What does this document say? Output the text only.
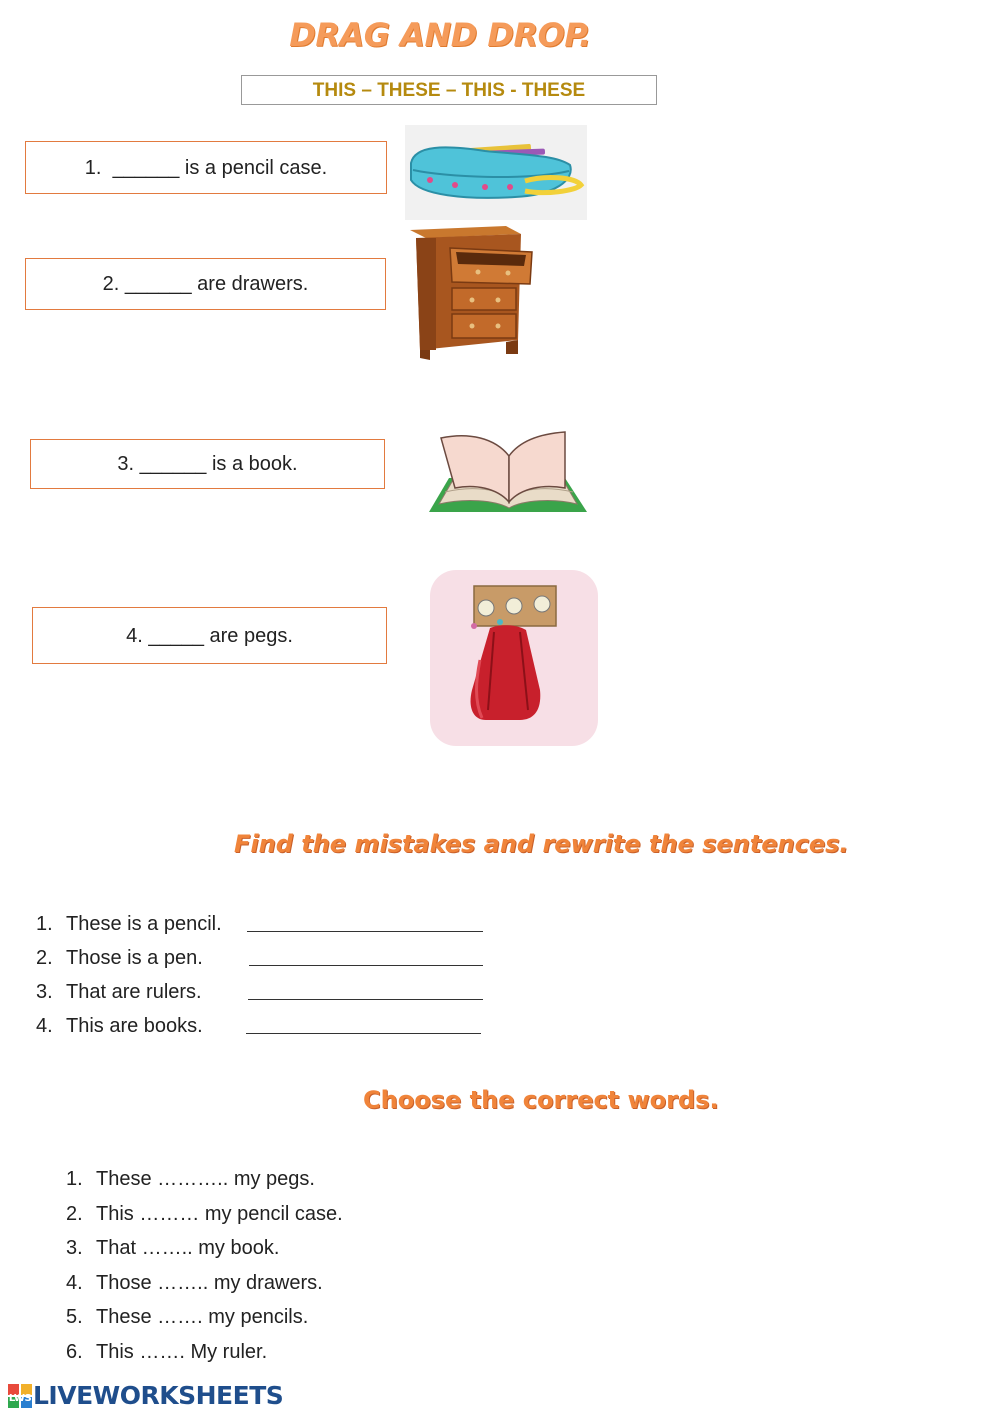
DRAG AND DROP.
THIS – THESE – THIS - THESE
1.
______ is a pencil case.
2.
______ are drawers.
3.
______ is a book.
4.
_____ are pegs.
Find the mistakes and rewrite the sentences.
1. These is a pencil.
2. Those is a pen.
3. That are rulers.
4. This are books.
Choose the correct words.
1. These ……….. my pegs.
2. This ……… my pencil case.
3. That …….. my book.
4. Those …….. my drawers.
5. These ……. my pencils.
6. This ……. My ruler.
LWS LIVEWORKSHEETS
